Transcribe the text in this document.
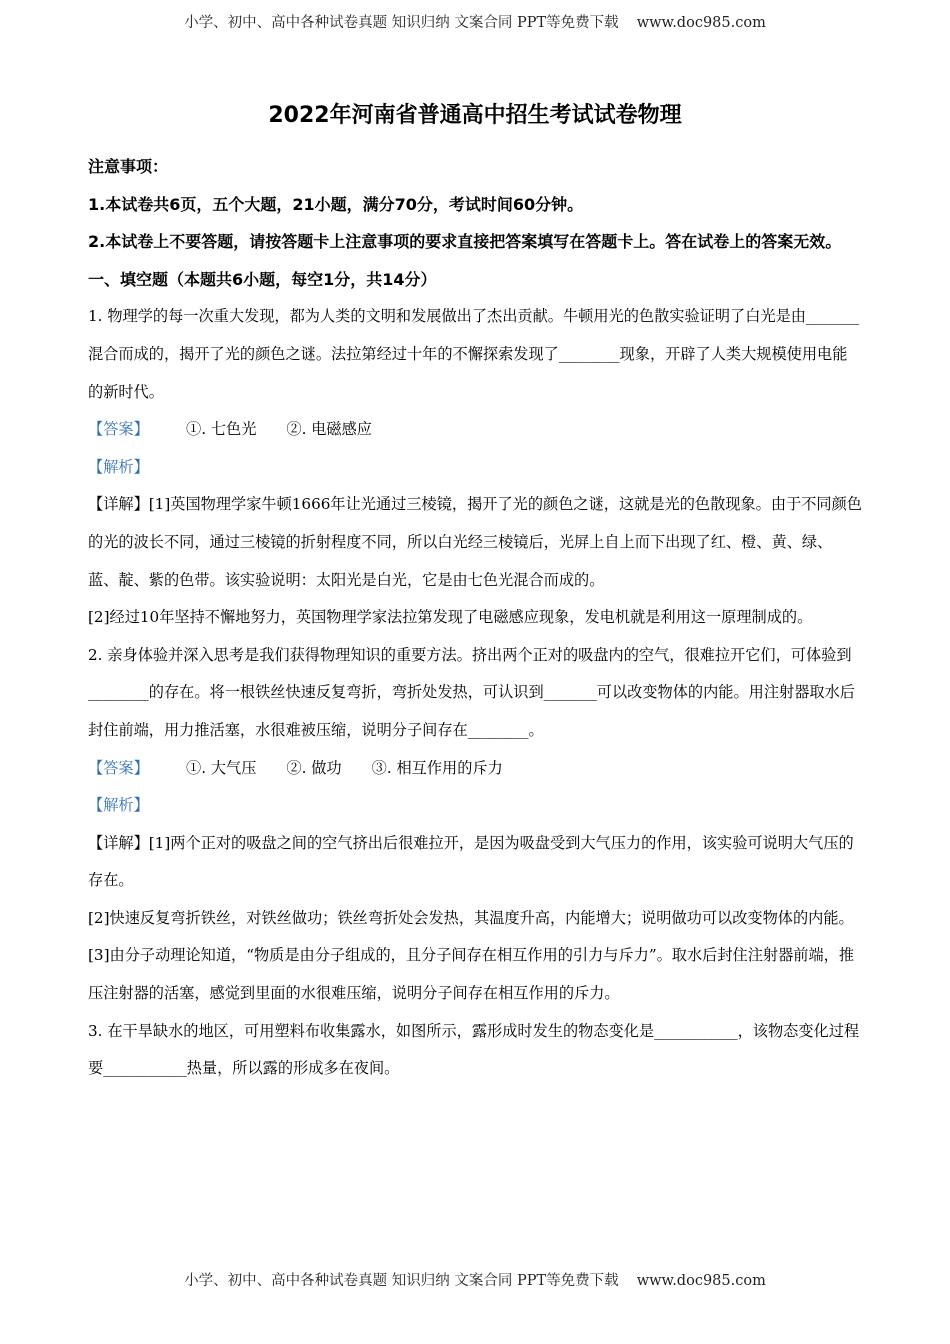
小学、初中、高中各种试卷真题 知识归纳 文案合同 PPT等免费下载 www.doc985.com
2022年河南省普通高中招生考试试卷物理

注意事项：

1.本试卷共6页，五个大题，21小题，满分70分，考试时间60分钟。

2.本试卷上不要答题，请按答题卡上注意事项的要求直接把答案填写在答题卡上。答在试卷上的答案无效。

一、填空题（本题共6小题，每空1分，共14分）

1. 物理学的每一次重大发现，都为人类的文明和发展做出了杰出贡献。牛顿用光的色散实验证明了白光是由_______混合而成的，揭开了光的颜色之谜。法拉第经过十年的不懈探索发现了________现象，开辟了人类大规模使用电能的新时代。

【答案】 ①. 七色光 ②. 电磁感应

【解析】

【详解】[1]英国物理学家牛顿1666年让光通过三棱镜，揭开了光的颜色之谜，这就是光的色散现象。由于不同颜色的光的波长不同，通过三棱镜的折射程度不同，所以白光经三棱镜后，光屏上自上而下出现了红、橙、黄、绿、蓝、靛、紫的色带。该实验说明：太阳光是白光，它是由七色光混合而成的。

[2]经过10年坚持不懈地努力，英国物理学家法拉第发现了电磁感应现象，发电机就是利用这一原理制成的。

2. 亲身体验并深入思考是我们获得物理知识的重要方法。挤出两个正对的吸盘内的空气，很难拉开它们，可体验到________的存在。将一根铁丝快速反复弯折，弯折处发热，可认识到_______可以改变物体的内能。用注射器取水后封住前端，用力推活塞，水很难被压缩，说明分子间存在________。

【答案】 ①. 大气压 ②. 做功 ③. 相互作用的斥力

【解析】

【详解】[1]两个正对的吸盘之间的空气挤出后很难拉开，是因为吸盘受到大气压力的作用，该实验可说明大气压的存在。

[2]快速反复弯折铁丝，对铁丝做功；铁丝弯折处会发热，其温度升高，内能增大；说明做功可以改变物体的内能。

[3]由分子动理论知道，“物质是由分子组成的，且分子间存在相互作用的引力与斥力”。取水后封住注射器前端，推压注射器的活塞，感觉到里面的水很难压缩，说明分子间存在相互作用的斥力。

3. 在干旱缺水的地区，可用塑料布收集露水，如图所示，露形成时发生的物态变化是___________，该物态变化过程要___________热量，所以露的形成多在夜间。

小学、初中、高中各种试卷真题 知识归纳 文案合同 PPT等免费下载 www.doc985.com
